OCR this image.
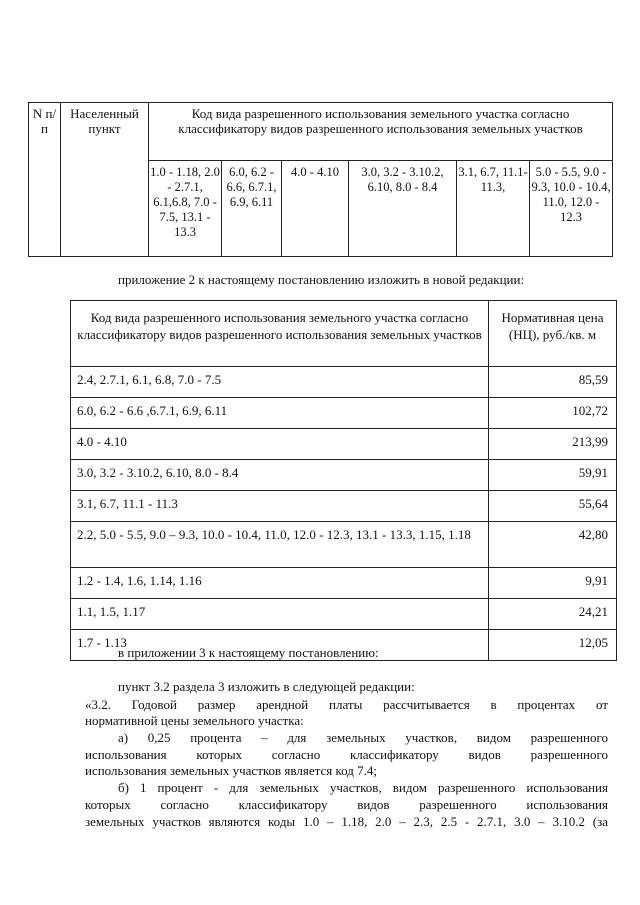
N п/п	Населенный пункт	Код вида разрешенного использования земельного участка согласно классификатору видов разрешенного использования земельных участков					
		1.0 - 1.18, 2.0 - 2.7.1, 6.1,6.8, 7.0 - 7.5, 13.1 - 13.3	6.0, 6.2 - 6.6, 6.7.1, 6.9, 6.11	4.0 - 4.10	3.0, 3.2 - 3.10.2, 6.10, 8.0 - 8.4	3.1, 6.7, 11.1-11.3,	5.0 - 5.5, 9.0 - 9.3, 10.0 - 10.4, 11.0, 12.0 - 12.3

приложение 2 к настоящему постановлению изложить в новой редакции:

Код вида разрешенного использования земельного участка согласно классификатору видов разрешенного использования земельных участков	Нормативная цена (НЦ), руб./кв. м
2.4, 2.7.1, 6.1, 6.8, 7.0 - 7.5	85,59
6.0, 6.2 - 6.6 ,6.7.1, 6.9, 6.11	102,72
4.0 - 4.10	213,99
3.0, 3.2 - 3.10.2, 6.10, 8.0 - 8.4	59,91
3.1, 6.7, 11.1 - 11.3	55,64
2.2, 5.0 - 5.5, 9.0 – 9.3, 10.0 - 10.4, 11.0, 12.0 - 12.3, 13.1 - 13.3, 1.15, 1.18	42,80
1.2 - 1.4, 1.6, 1.14, 1.16	9,91
1.1, 1.5, 1.17	24,21
1.7 - 1.13	12,05

в приложении 3 к настоящему постановлению:

пункт 3.2 раздела 3 изложить в следующей редакции:

«3.2. Годовой размер арендной платы рассчитывается в процентах от

нормативной цены земельного участка:

а) 0,25 процента – для земельных участков, видом разрешенного

использования которых согласно классификатору видов разрешенного

использования земельных участков является код 7.4;

б) 1 процент - для земельных участков, видом разрешенного использования

которых согласно классификатору видов разрешенного использования

земельных участков являются коды 1.0 – 1.18, 2.0 – 2.3, 2.5 - 2.7.1, 3.0 – 3.10.2 (за
